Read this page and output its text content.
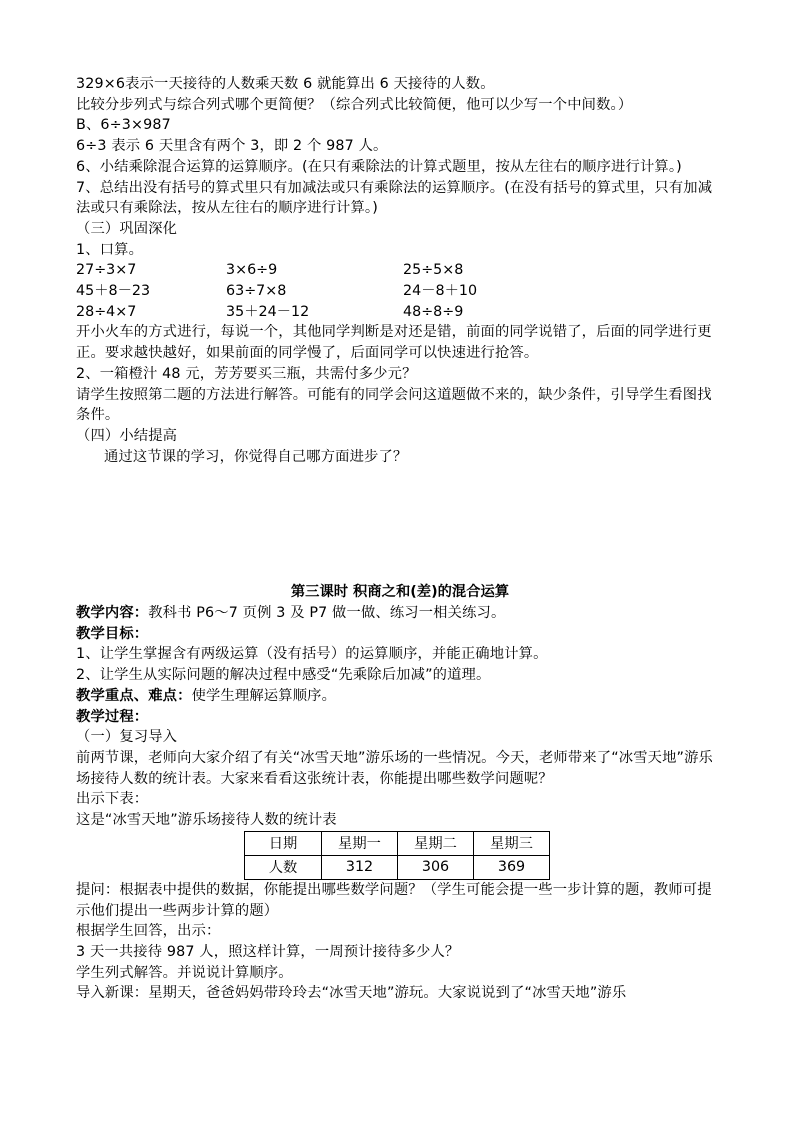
329×6表示一天接待的人数乘天数 6 就能算出 6 天接待的人数。
比较分步列式与综合列式哪个更简便？（综合列式比较简便，他可以少写一个中间数。）
B、6÷3×987
6÷3 表示 6 天里含有两个 3，即 2 个 987 人。
6、小结乘除混合运算的运算顺序。(在只有乘除法的计算式题里，按从左往右的顺序进行计算。)
7、总结出没有括号的算式里只有加减法或只有乘除法的运算顺序。(在没有括号的算式里，只有加减法或只有乘除法，按从左往右的顺序进行计算。)
（三）巩固深化
1、口算。
27÷3×7	3×6÷9	25÷5×8
45＋8－23	63÷7×8	24－8＋10
28÷4×7	35＋24－12	48÷8÷9
开小火车的方式进行，每说一个，其他同学判断是对还是错，前面的同学说错了，后面的同学进行更正。要求越快越好，如果前面的同学慢了，后面同学可以快速进行抢答。
2、一箱橙汁 48 元，芳芳要买三瓶，共需付多少元？
请学生按照第二题的方法进行解答。可能有的同学会问这道题做不来的，缺少条件，引导学生看图找条件。
（四）小结提高
通过这节课的学习，你觉得自己哪方面进步了？
第三课时 积商之和(差)的混合运算
教学内容：教科书 P6～7 页例 3 及 P7 做一做、练习一相关练习。
教学目标：
1、让学生掌握含有两级运算（没有括号）的运算顺序，并能正确地计算。
2、让学生从实际问题的解决过程中感受“先乘除后加减”的道理。
教学重点、难点：使学生理解运算顺序。
教学过程：
（一）复习导入
前两节课，老师向大家介绍了有关“冰雪天地”游乐场的一些情况。今天，老师带来了“冰雪天地”游乐场接待人数的统计表。大家来看看这张统计表，你能提出哪些数学问题呢？
出示下表：
这是“冰雪天地”游乐场接待人数的统计表
日期	星期一	星期二	星期三
人数	312	306	369
提问：根据表中提供的数据，你能提出哪些数学问题？（学生可能会提一些一步计算的题，教师可提示他们提出一些两步计算的题）
根据学生回答，出示：
3 天一共接待 987 人，照这样计算，一周预计接待多少人？
学生列式解答。并说说计算顺序。
导入新课：星期天，爸爸妈妈带玲玲去“冰雪天地”游玩。大家说说到了“冰雪天地”游乐
